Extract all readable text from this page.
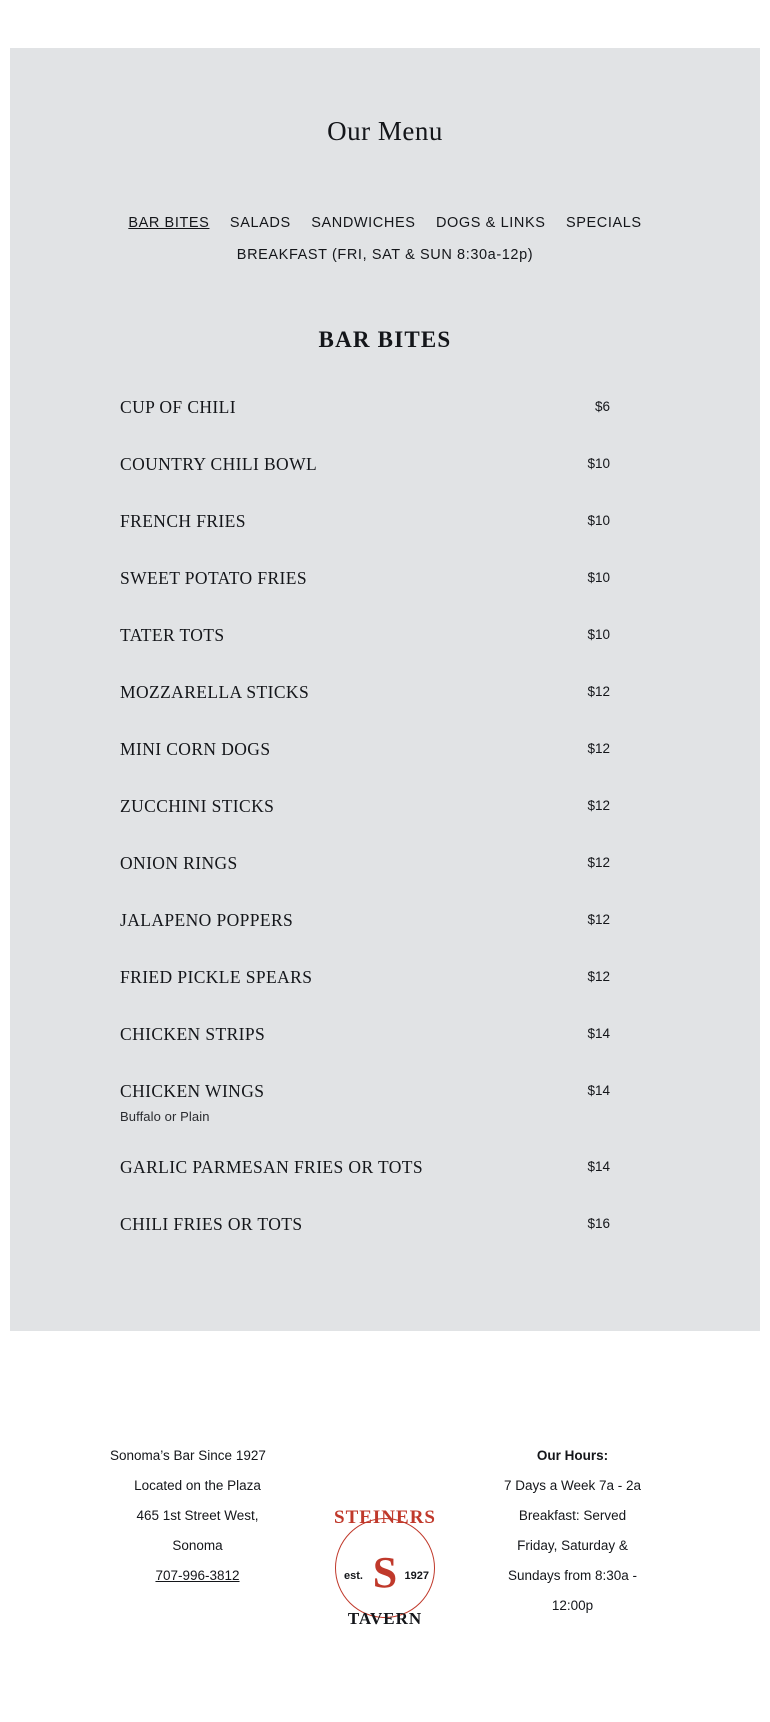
Our Menu
BAR BITES SALADS SANDWICHES DOGS & LINKS SPECIALS
BREAKFAST (FRI, SAT & SUN 8:30a-12p)
BAR BITES
CUP OF CHILI	$6
COUNTRY CHILI BOWL	$10
FRENCH FRIES	$10
SWEET POTATO FRIES	$10
TATER TOTS	$10
MOZZARELLA STICKS	$12
MINI CORN DOGS	$12
ZUCCHINI STICKS	$12
ONION RINGS	$12
JALAPENO POPPERS	$12
FRIED PICKLE SPEARS	$12
CHICKEN STRIPS	$14
CHICKEN WINGS	$14
Buffalo or Plain
GARLIC PARMESAN FRIES OR TOTS	$14
CHILI FRIES OR TOTS	$16
Sonoma’s Bar Since 1927
Located on the Plaza
465 1st Street West,
Sonoma
707-996-3812
STEINERS
S
est.	1927
TAVERN
Our Hours:
7 Days a Week 7a - 2a
Breakfast: Served
Friday, Saturday &
Sundays from 8:30a -
12:00p
